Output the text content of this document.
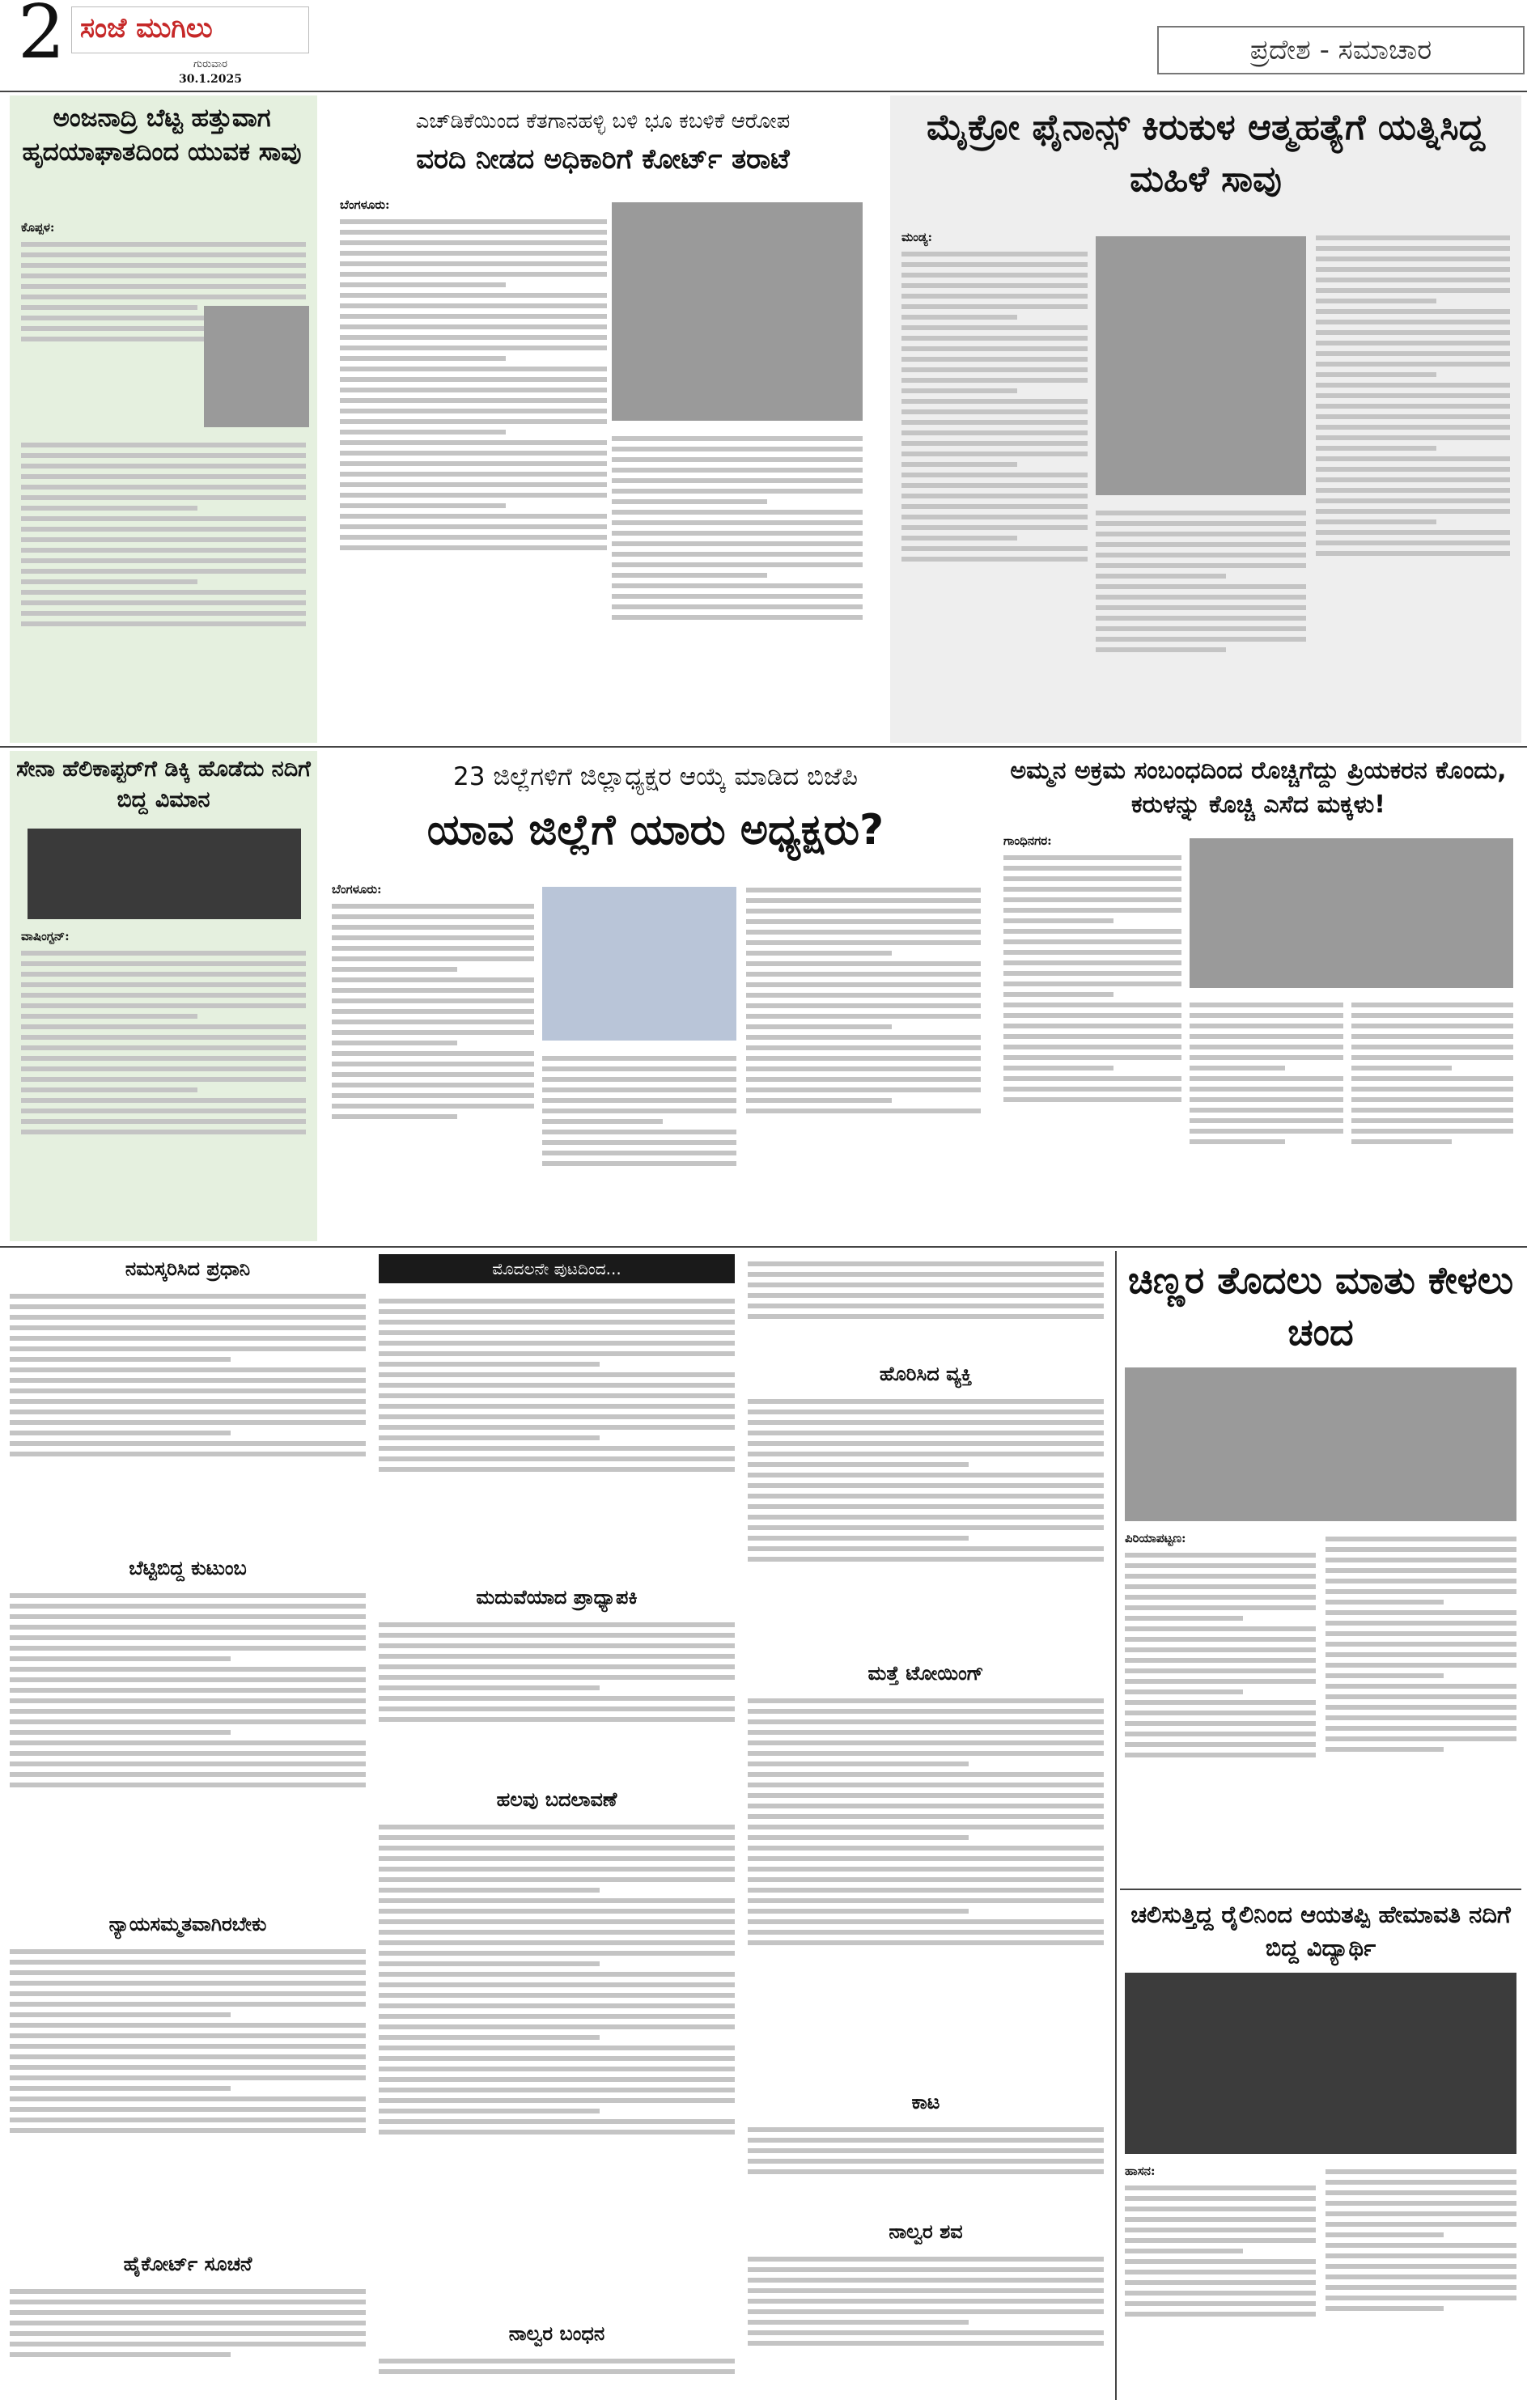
2 ಸಂಜೆ ಮುಗಿಲು
ಗುರುವಾರ
30.1.2025
ಪ್ರದೇಶ - ಸಮಾಚಾರ
ಅಂಜನಾದ್ರಿ ಬೆಟ್ಟ ಹತ್ತುವಾಗ ಹೃದಯಾಘಾತದಿಂದ ಯುವಕ ಸಾವು
ಕೊಪ್ಪಳ:
ಎಚ್‌ಡಿಕೆಯಿಂದ ಕೆತಗಾನಹಳ್ಳಿ ಬಳಿ ಭೂ ಕಬಳಿಕೆ ಆರೋಪ
ವರದಿ ನೀಡದ ಅಧಿಕಾರಿಗೆ ಕೋರ್ಟ್ ತರಾಟೆ
ಬೆಂಗಳೂರು:
ಮೈಕ್ರೋ ಫೈನಾನ್ಸ್ ಕಿರುಕುಳ ಆತ್ಮಹತ್ಯೆಗೆ ಯತ್ನಿಸಿದ್ದ ಮಹಿಳೆ ಸಾವು
ಮಂಡ್ಯ:
ಸೇನಾ ಹೆಲಿಕಾಪ್ಟರ್‌ಗೆ ಡಿಕ್ಕಿ ಹೊಡೆದು ನದಿಗೆ ಬಿದ್ದ ವಿಮಾನ
ವಾಷಿಂಗ್ಟನ್:
23 ಜಿಲ್ಲೆಗಳಿಗೆ ಜಿಲ್ಲಾಧ್ಯಕ್ಷರ ಆಯ್ಕೆ ಮಾಡಿದ ಬಿಜೆಪಿ
ಯಾವ ಜಿಲ್ಲೆಗೆ ಯಾರು ಅಧ್ಯಕ್ಷರು?
ಬೆಂಗಳೂರು:
ಅಮ್ಮನ ಅಕ್ರಮ ಸಂಬಂಧದಿಂದ ರೊಚ್ಚಿಗೆದ್ದು ಪ್ರಿಯಕರನ ಕೊಂದು, ಕರುಳನ್ನು ಕೊಚ್ಚಿ ಎಸೆದ ಮಕ್ಕಳು!
ಗಾಂಧಿನಗರ:
ನಮಸ್ಕರಿಸಿದ ಪ್ರಧಾನಿ
ಬೆಟ್ಟಿಬಿದ್ದ ಕುಟುಂಬ
ನ್ಯಾಯಸಮ್ಮತವಾಗಿರಬೇಕು
ಹೈಕೋರ್ಟ್ ಸೂಚನೆ
ಮೊದಲನೇ ಪುಟದಿಂದ...
ಮದುವೆಯಾದ ಪ್ರಾಧ್ಯಾಪಕಿ
ಹಲವು ಬದಲಾವಣೆ
ನಾಲ್ವರ ಬಂಧನ
ಹೊರಿಸಿದ ವ್ಯಕ್ತಿ
ಮತ್ತೆ ಟೋಯಿಂಗ್
ಕಾಟ
ನಾಲ್ವರ ಶವ
ಚಿಣ್ಣರ ತೊದಲು ಮಾತು ಕೇಳಲು ಚಂದ
ಪಿರಿಯಾಪಟ್ಟಣ:
ಚಲಿಸುತ್ತಿದ್ದ ರೈಲಿನಿಂದ ಆಯತಪ್ಪಿ ಹೇಮಾವತಿ ನದಿಗೆ ಬಿದ್ದ ವಿದ್ಯಾರ್ಥಿ
ಹಾಸನ:
